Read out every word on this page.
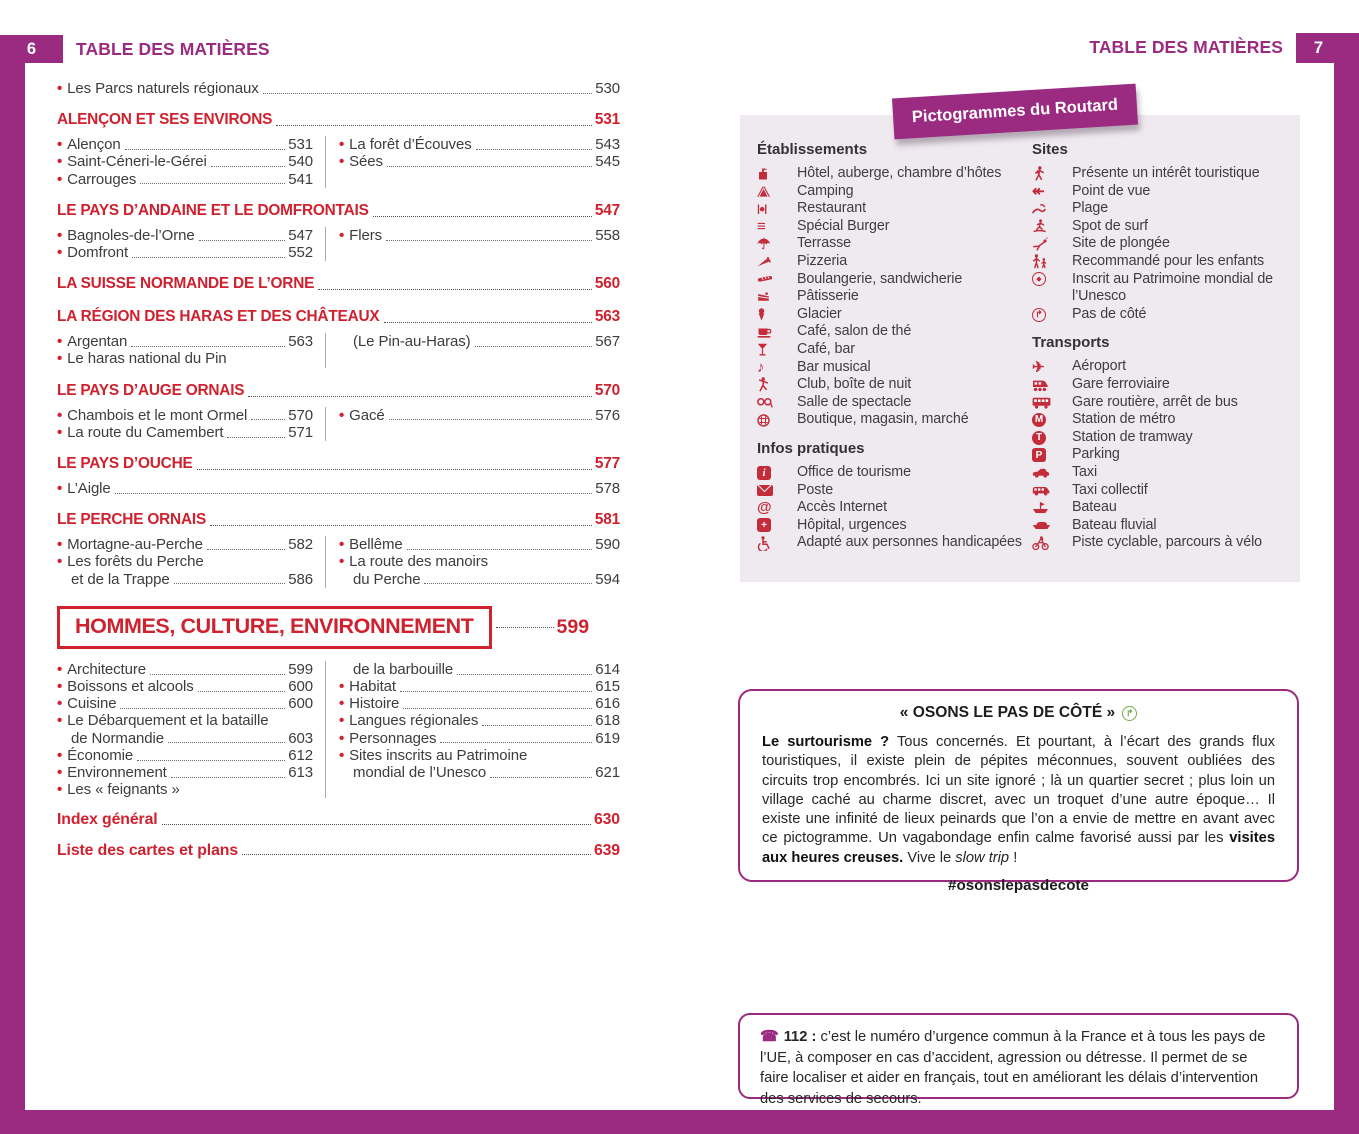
6	7
TABLE DES MATIÈRES	TABLE DES MATIÈRES
• Les Parcs naturels régionaux	530
ALENÇON ET SES ENVIRONS	531
• Alençon	531
• Saint-Céneri-le-Gérei	540
• Carrouges	541
• La forêt d’Écouves	543
• Sées	545
LE PAYS D’ANDAINE ET LE DOMFRONTAIS	547
• Bagnoles-de-l’Orne	547
• Domfront	552
• Flers	558
LA SUISSE NORMANDE DE L’ORNE	560
LA RÉGION DES HARAS ET DES CHÂTEAUX	563
• Argentan	563
• Le haras national du Pin
(Le Pin-au-Haras)	567
LE PAYS D’AUGE ORNAIS	570
• Chambois et le mont Ormel	570
• La route du Camembert	571
• Gacé	576
LE PAYS D’OUCHE	577
• L’Aigle	578
LE PERCHE ORNAIS	581
• Mortagne-au-Perche	582
• Les forêts du Perche
et de la Trappe	586
• Bellême	590
• La route des manoirs
du Perche	594
HOMMES, CULTURE, ENVIRONNEMENT	599
• Architecture	599
• Boissons et alcools	600
• Cuisine	600
• Le Débarquement et la bataille
de Normandie	603
• Économie	612
• Environnement	613
• Les « feignants »
de la barbouille	614
• Habitat	615
• Histoire	616
• Langues régionales	618
• Personnages	619
• Sites inscrits au Patrimoine
mondial de l’Unesco	621
Index général	630
Liste des cartes et plans	639
Pictogrammes du Routard
Établissements
Hôtel, auberge, chambre d’hôtes
Camping
|●|	Restaurant
≡	Spécial Burger
☂	Terrasse
Pizzeria
Boulangerie, sandwicherie
Pâtisserie
Glacier
Café, salon de thé
Café, bar
♪	Bar musical
Club, boîte de nuit
Salle de spectacle
Boutique, magasin, marché
Infos pratiques
i	Office de tourisme
Poste
@	Accès Internet
+ Hôpital, urgences
Adapté aux personnes handicapées
Sites
Présente un intérêt touristique
↞	Point de vue
Plage
Spot de surf
Site de plongée
Recommandé pour les enfants
◆ Inscrit au Patrimoine mondial de l’Unesco
↱ Pas de côté
Transports
✈	Aéroport
Gare ferroviaire
Gare routière, arrêt de bus
M Station de métro
T Station de tramway
P Parking
Taxi
Taxi collectif
Bateau
Bateau fluvial
Piste cyclable, parcours à vélo
« OSONS LE PAS DE CÔTÉ » ↱
Le surtourisme ? Tous concernés. Et pourtant, à l’écart des grands flux touristiques, il existe plein de pépites méconnues, souvent oubliées des circuits trop encombrés. Ici un site ignoré ; là un quartier secret ; plus loin un village caché au charme discret, avec un troquet d’une autre époque… Il existe une infinité de lieux peinards que l’on a envie de mettre en avant avec ce pictogramme. Un vagabondage enfin calme favorisé aussi par les visites aux heures creuses. Vive le slow trip !
#osonslepasdecote
☎ 112 : c’est le numéro d’urgence commun à la France et à tous les pays de l’UE, à composer en cas d’accident, agression ou détresse. Il permet de se faire localiser et aider en français, tout en améliorant les délais d’intervention des services de secours.
